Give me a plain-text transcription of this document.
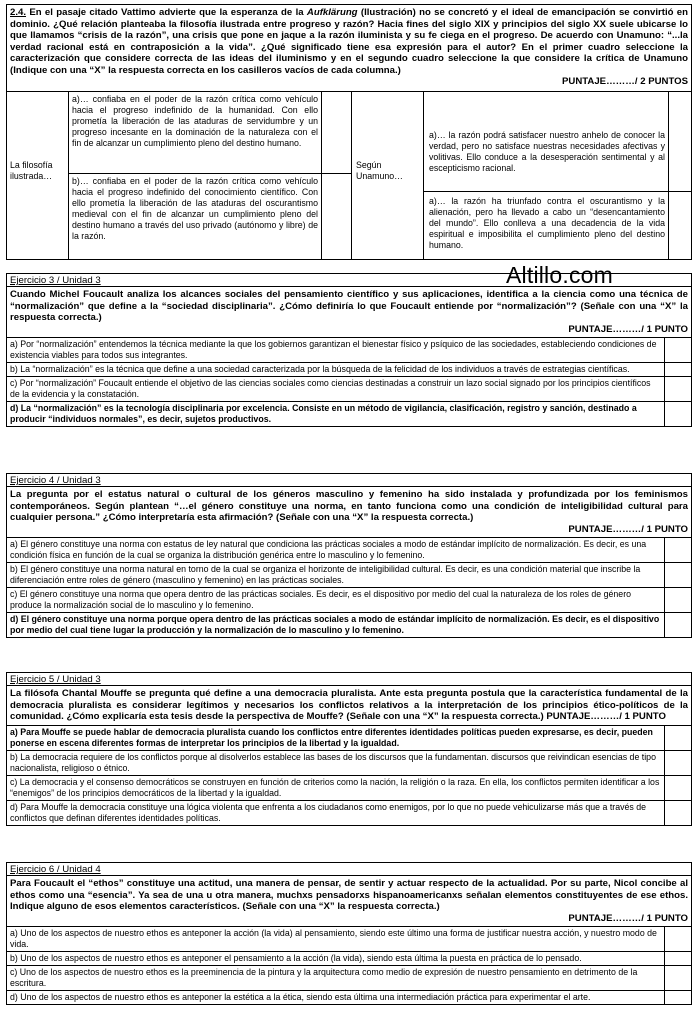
2.4. En el pasaje citado Vattimo advierte que la esperanza de la Aufklärung (Ilustración) no se concretó y el ideal de emancipación se convirtió en dominio. ¿Qué relación planteaba la filosofía ilustrada entre progreso y razón? Hacia fines del siglo XIX y principios del siglo XX suele ubicarse lo que llamamos “crisis de la razón”, una crisis que pone en jaque a la razón iluminista y su fe ciega en el progreso. De acuerdo con Unamuno: “...la verdad racional está en contraposición a la vida”. ¿Qué significado tiene esa expresión para el autor? En el primer cuadro seleccione la caracterización que considere correcta de las ideas del iluminismo y en el segundo cuadro seleccione la que considere la crítica de Unamuno (Indique con una “X” la respuesta correcta en los casilleros vacíos de cada columna.)
PUNTAJE………/ 2 PUNTOS
La filosofía ilustrada…
a)… confiaba en el poder de la razón crítica como vehículo hacia el progreso indefinido de la humanidad. Con ello prometía la liberación de las ataduras de servidumbre y un progreso incesante en la dominación de la naturaleza con el fin de alcanzar un cumplimiento pleno del destino humano.
b)… confiaba en el poder de la razón crítica como vehículo hacia el progreso indefinido del conocimiento científico. Con ello prometía la liberación de las ataduras del oscurantismo medieval con el fin de alcanzar un cumplimiento pleno del destino humano a través del uso privado (autónomo y libre) de la razón.
Según Unamuno…
a)… la razón podrá satisfacer nuestro anhelo de conocer la verdad, pero no satisface nuestras necesidades afectivas y volitivas. Ello conduce a la desesperación sentimental y al escepticismo racional.
a)… la razón ha triunfado contra el oscurantismo y la alienación, pero ha llevado a cabo un “desencantamiento del mundo”. Ello conlleva a una decadencia de la vida espiritual e imposibilita el cumplimiento pleno del destino humano.
Altillo.com
Ejercicio 3 / Unidad 3
Cuando Michel Foucault analiza los alcances sociales del pensamiento científico y sus aplicaciones, identifica a la ciencia como una técnica de “normalización” que define a la “sociedad disciplinaria”. ¿Cómo definiría lo que Foucault entiende por “normalización”? (Señale con una “X” la respuesta correcta.)
PUNTAJE………/ 1 PUNTO
a) Por “normalización” entendemos la técnica mediante la que los gobiernos garantizan el bienestar físico y psíquico de las sociedades, estableciendo condiciones de existencia viables para todos sus integrantes.
b) La “normalización” es la técnica que define a una sociedad caracterizada por la búsqueda de la felicidad de los individuos a través de estrategias científicas.
c) Por “normalización” Foucault entiende el objetivo de las ciencias sociales como ciencias destinadas a construir un lazo social signado por los principios científicos de la evidencia y la constatación.
d) La “normalización” es la tecnología disciplinaria por excelencia. Consiste en un método de vigilancia, clasificación, registro y sanción, destinado a producir “individuos normales”, es decir, sujetos productivos.
Ejercicio 4 / Unidad 3
La pregunta por el estatus natural o cultural de los géneros masculino y femenino ha sido instalada y profundizada por los feminismos contemporáneos. Según plantean “…el género constituye una norma, en tanto funciona como una condición de inteligibilidad cultural para cualquier persona.” ¿Cómo interpretaría esta afirmación? (Señale con una “X” la respuesta correcta.)
PUNTAJE………/ 1 PUNTO
a) El género constituye una norma con estatus de ley natural que condiciona las prácticas sociales a modo de estándar implícito de normalización. Es decir, es una condición física en función de la cual se organiza la distribución genérica entre lo masculino y lo femenino.
b) El género constituye una norma natural en torno de la cual se organiza el horizonte de inteligibilidad cultural. Es decir, es una condición material que inscribe la diferenciación entre roles de género (masculino y femenino) en las prácticas sociales.
c) El género constituye una norma que opera dentro de las prácticas sociales. Es decir, es el dispositivo por medio del cual la naturaleza de los roles de género produce la normalización social de lo masculino y lo femenino.
d) El género constituye una norma porque opera dentro de las prácticas sociales a modo de estándar implícito de normalización. Es decir, es el dispositivo por medio del cual tiene lugar la producción y la normalización de lo masculino y lo femenino.
Ejercicio 5 / Unidad 3
La filósofa Chantal Mouffe se pregunta qué define a una democracia pluralista. Ante esta pregunta postula que la característica fundamental de la democracia pluralista es considerar legítimos y necesarios los conflictos relativos a la interpretación de los principios ético-políticos de la comunidad. ¿Cómo explicaría esta tesis desde la perspectiva de Mouffe? (Señale con una “X” la respuesta correcta.) PUNTAJE………/ 1 PUNTO
a) Para Mouffe se puede hablar de democracia pluralista cuando los conflictos entre diferentes identidades políticas pueden expresarse, es decir, pueden ponerse en escena diferentes formas de interpretar los principios de la libertad y la igualdad.
b) La democracia requiere de los conflictos porque al disolverlos establece las bases de los discursos que la fundamentan. discursos que reivindican esencias de tipo nacionalista, religioso o étnico.
c) La democracia y el consenso democráticos se construyen en función de criterios como la nación, la religión o la raza. En ella, los conflictos permiten identificar a los “enemigos” de los principios democráticos de la libertad y la igualdad.
d) Para Mouffe la democracia constituye una lógica violenta que enfrenta a los ciudadanos como enemigos, por lo que no puede vehiculizarse más que a través de conflictos que definan diferentes identidades políticas.
Ejercicio 6 / Unidad 4
Para Foucault el “ethos” constituye una actitud, una manera de pensar, de sentir y actuar respecto de la actualidad. Por su parte, Nicol concibe al ethos como una “esencia”. Ya sea de una u otra manera, muchxs pensadorxs hispanoamericanxs señalan elementos constituyentes de ese ethos. Indique alguno de esos elementos característicos. (Señale con una “X” la respuesta correcta.)
PUNTAJE………/ 1 PUNTO
a) Uno de los aspectos de nuestro ethos es anteponer la acción (la vida) al pensamiento, siendo este último una forma de justificar nuestra acción, y nuestro modo de vida.
b) Uno de los aspectos de nuestro ethos es anteponer el pensamiento a la acción (la vida), siendo esta última la puesta en práctica de lo pensado.
c) Uno de los aspectos de nuestro ethos es la preeminencia de la pintura y la arquitectura como medio de expresión de nuestro pensamiento en detrimento de la escritura.
d) Uno de los aspectos de nuestro ethos es anteponer la estética a la ética, siendo esta última una intermediación práctica para experimentar el arte.
